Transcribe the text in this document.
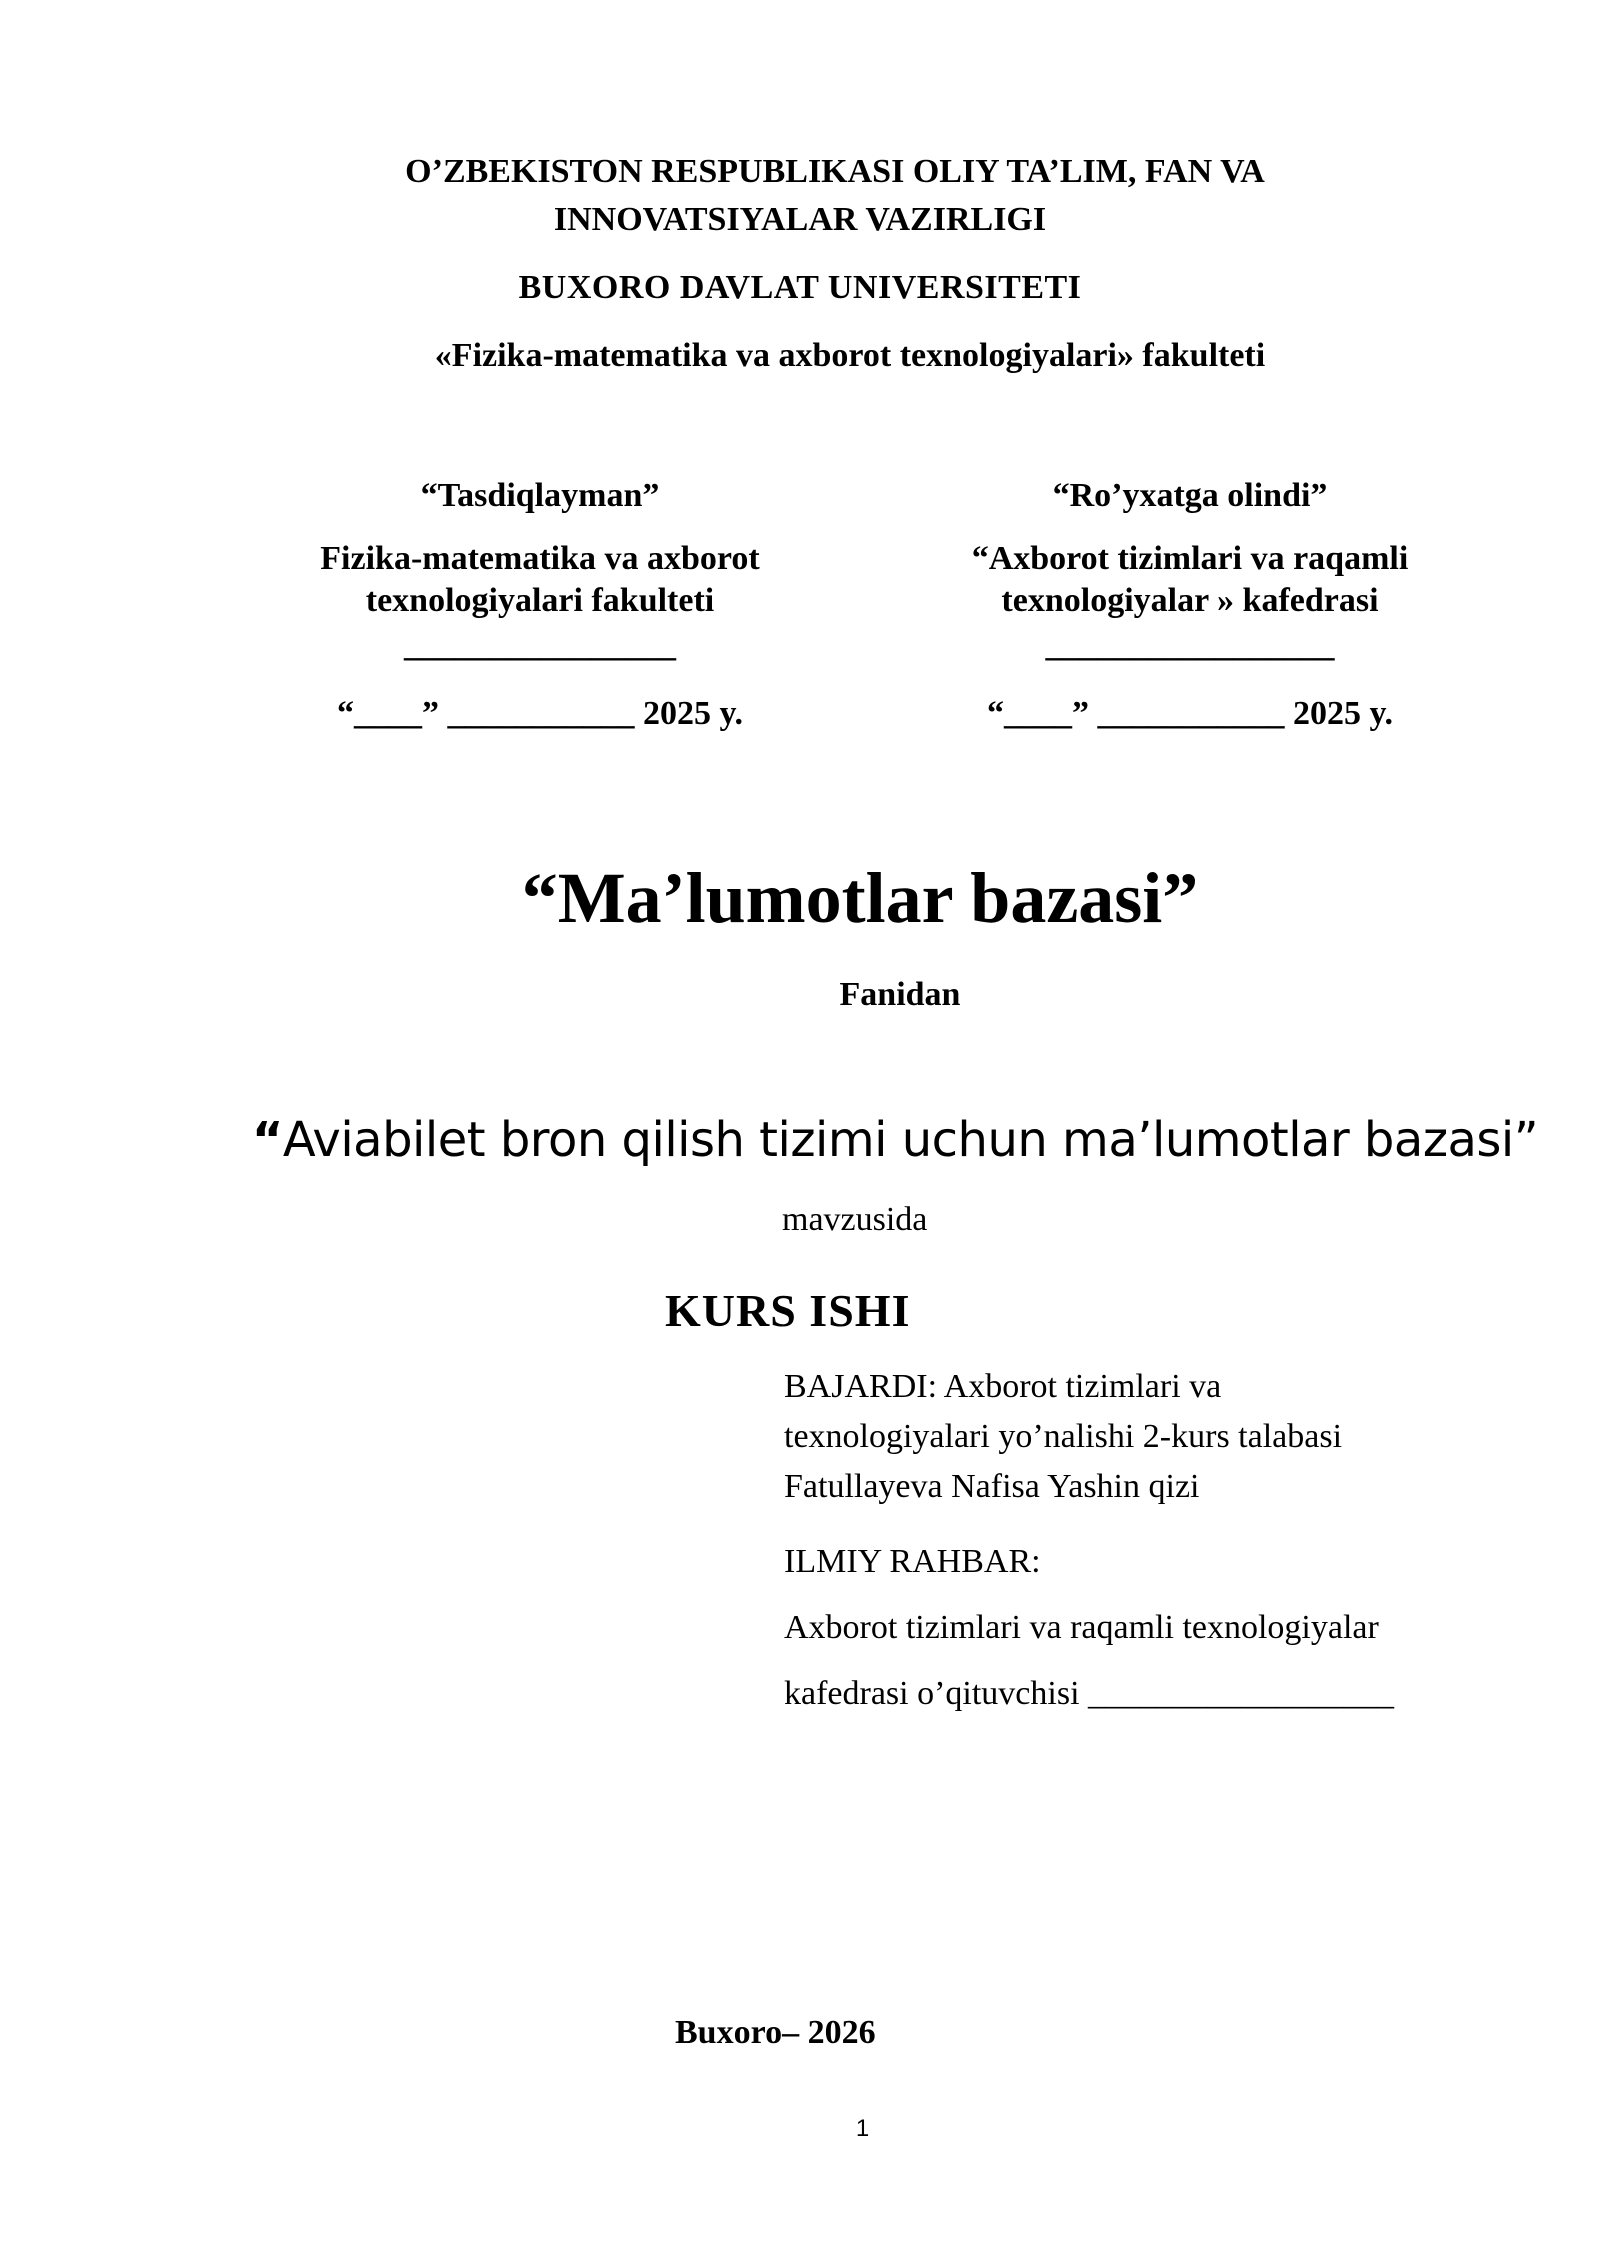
O’ZBEKISTON RESPUBLIKASI OLIY TA’LIM, FAN VA
INNOVATSIYALAR VAZIRLIGI
BUXORO DAVLAT UNIVERSITETI
«Fizika-matematika va axborot texnologiyalari» fakulteti
“Tasdiqlayman”
Fizika-matematika va axborot texnologiyalari fakulteti
________________
“____” ___________ 2025 y.
“Ro’yxatga olindi”
“Axborot tizimlari va raqamli texnologiyalar » kafedrasi
_________________
“____” ___________ 2025 y.
“Ma’lumotlar bazasi”
Fanidan
“Aviabilet bron qilish tizimi uchun ma’lumotlar bazasi”
mavzusida
KURS ISHI
BAJARDI: Axborot tizimlari va
texnologiyalari yo’nalishi 2-kurs talabasi
Fatullayeva Nafisa Yashin qizi
ILMIY RAHBAR:
Axborot tizimlari va raqamli texnologiyalar
kafedrasi o’qituvchisi __________________
Buxoro– 2026
1
